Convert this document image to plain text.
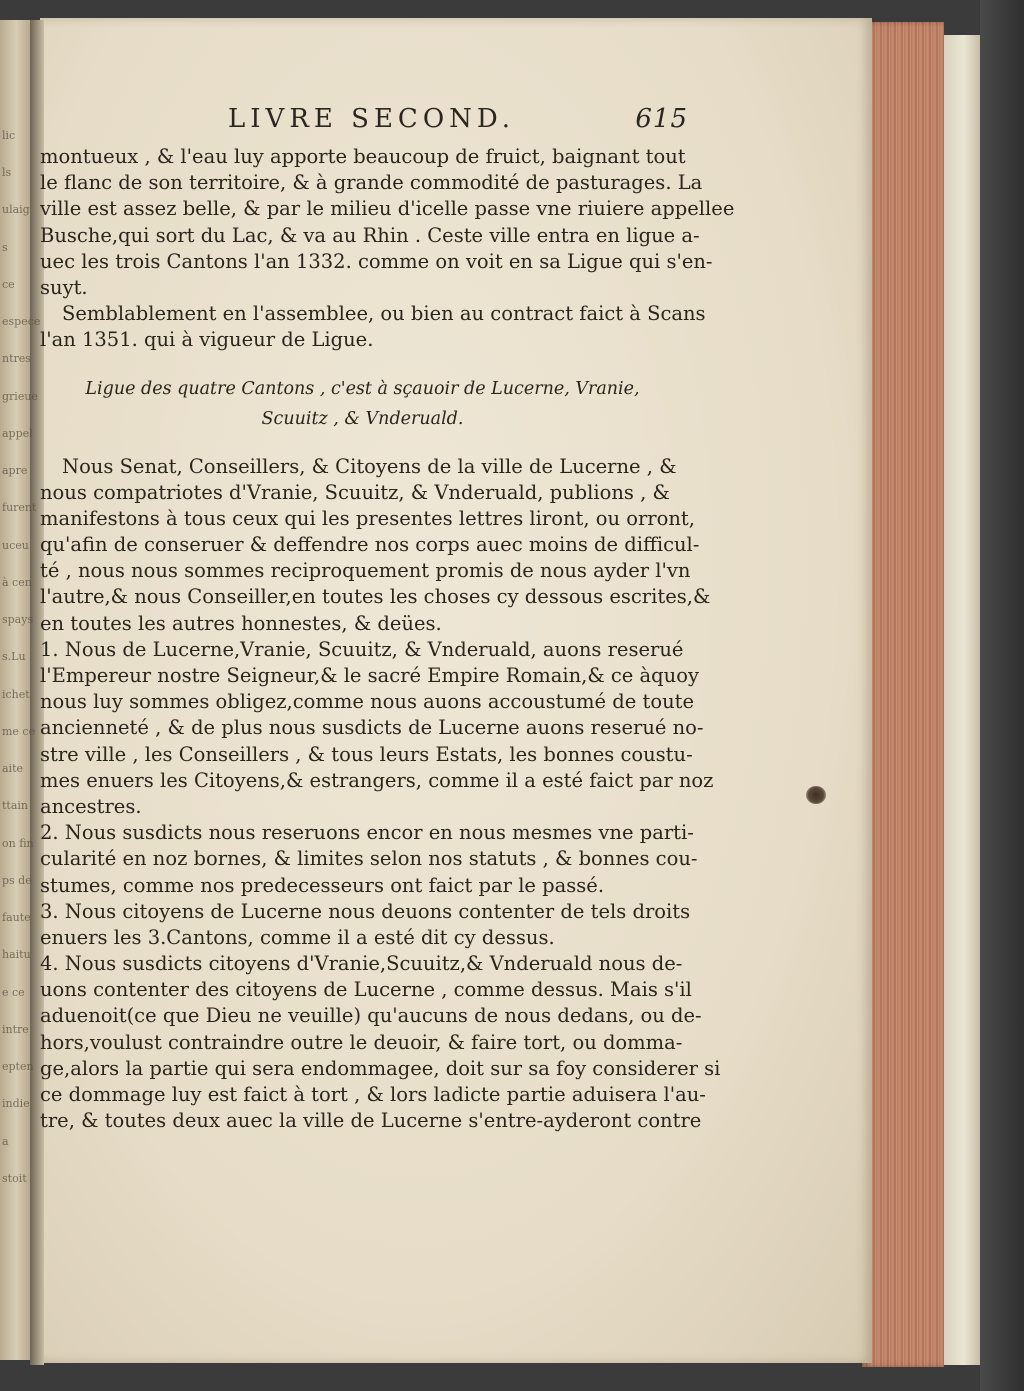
lic
ls
ulaig
s
ce
espece
ntres
grieue
appel
apre
furent
uceu
à cen
spays
s.Lu
ichet
me ce
aite
ttain
on fin
ps de
faute
haitu
e ce
intre
epten
indie
a
stoit
LIVRE SECOND.	615
montueux , & l'eau luy apporte beaucoup de fruict, baignant tout
le flanc de son territoire, & à grande commodité de pasturages. La
ville est assez belle, & par le milieu d'icelle passe vne riuiere appellee
Busche,qui sort du Lac, & va au Rhin . Ceste ville entra en ligue a-
uec les trois Cantons l'an 1332. comme on voit en sa Ligue qui s'en-
suyt.
Semblablement en l'assemblee, ou bien au contract faict à Scans
l'an 1351. qui à vigueur de Ligue.
Ligue des quatre Cantons , c'est à sçauoir de Lucerne, Vranie,
Scuuitz , & Vnderuald.
Nous Senat, Conseillers, & Citoyens de la ville de Lucerne , &
nous compatriotes d'Vranie, Scuuitz, & Vnderuald, publions , &
manifestons à tous ceux qui les presentes lettres liront, ou orront,
qu'afin de conseruer & deffendre nos corps auec moins de difficul-
té , nous nous sommes reciproquement promis de nous ayder l'vn
l'autre,& nous Conseiller,en toutes les choses cy dessous escrites,&
en toutes les autres honnestes, & deües.
1. Nous de Lucerne,Vranie, Scuuitz, & Vnderuald, auons reserué
l'Empereur nostre Seigneur,& le sacré Empire Romain,& ce àquoy
nous luy sommes obligez,comme nous auons accoustumé de toute
ancienneté , & de plus nous susdicts de Lucerne auons reserué no-
stre ville , les Conseillers , & tous leurs Estats, les bonnes coustu-
mes enuers les Citoyens,& estrangers, comme il a esté faict par noz
ancestres.
2. Nous susdicts nous reseruons encor en nous mesmes vne parti-
cularité en noz bornes, & limites selon nos statuts , & bonnes cou-
stumes, comme nos predecesseurs ont faict par le passé.
3. Nous citoyens de Lucerne nous deuons contenter de tels droits
enuers les 3.Cantons, comme il a esté dit cy dessus.
4. Nous susdicts citoyens d'Vranie,Scuuitz,& Vnderuald nous de-
uons contenter des citoyens de Lucerne , comme dessus. Mais s'il
aduenoit(ce que Dieu ne veuille) qu'aucuns de nous dedans, ou de-
hors,voulust contraindre outre le deuoir, & faire tort, ou domma-
ge,alors la partie qui sera endommagee, doit sur sa foy considerer si
ce dommage luy est faict à tort , & lors ladicte partie aduisera l'au-
tre, & toutes deux auec la ville de Lucerne s'entre-ayderont contre
